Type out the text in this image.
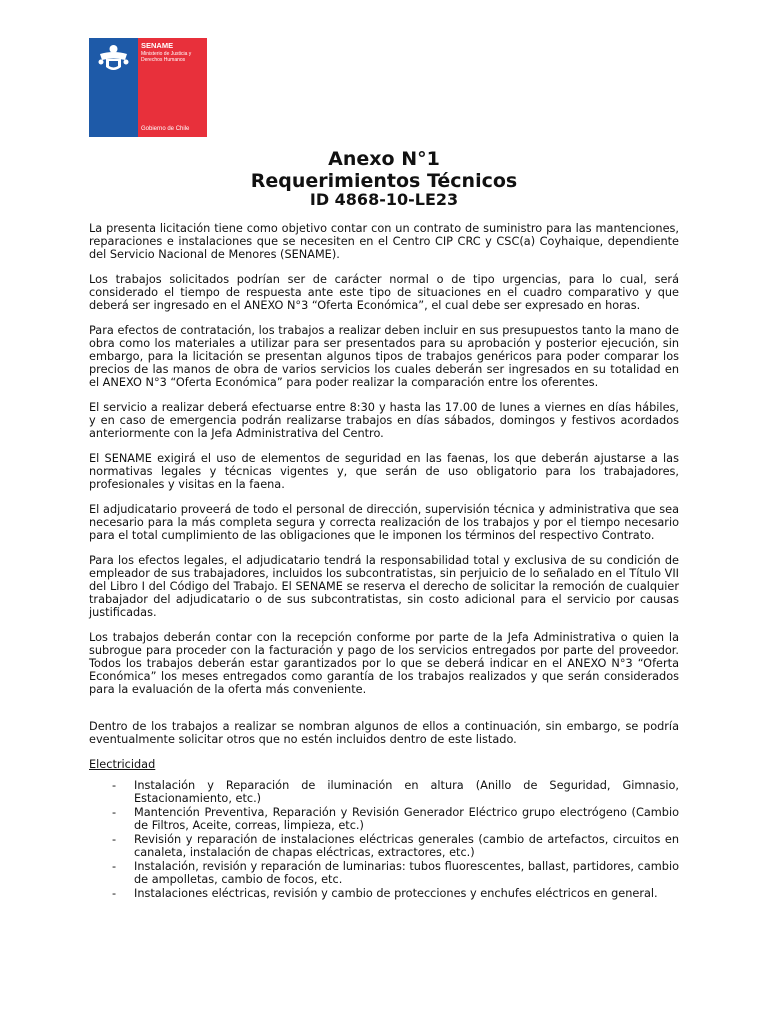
SENAME
Ministerio de Justicia y Derechos Humanos
Gobierno de Chile
Anexo N°1
Requerimientos Técnicos
ID 4868-10-LE23

La presenta licitación tiene como objetivo contar con un contrato de suministro para las mantenciones, reparaciones e instalaciones que se necesiten en el Centro CIP CRC y CSC(a) Coyhaique, dependiente del Servicio Nacional de Menores (SENAME).

Los trabajos solicitados podrían ser de carácter normal o de tipo urgencias, para lo cual, será considerado el tiempo de respuesta ante este tipo de situaciones en el cuadro comparativo y que deberá ser ingresado en el ANEXO N°3 “Oferta Económica”, el cual debe ser expresado en horas.

Para efectos de contratación, los trabajos a realizar deben incluir en sus presupuestos tanto la mano de obra como los materiales a utilizar para ser presentados para su aprobación y posterior ejecución, sin embargo, para la licitación se presentan algunos tipos de trabajos genéricos para poder comparar los precios de las manos de obra de varios servicios los cuales deberán ser ingresados en su totalidad en el ANEXO N°3 “Oferta Económica” para poder realizar la comparación entre los oferentes.

El servicio a realizar deberá efectuarse entre 8:30 y hasta las 17.00 de lunes a viernes en días hábiles, y en caso de emergencia podrán realizarse trabajos en días sábados, domingos y festivos acordados anteriormente con la Jefa Administrativa del Centro.

El SENAME exigirá el uso de elementos de seguridad en las faenas, los que deberán ajustarse a las normativas legales y técnicas vigentes y, que serán de uso obligatorio para los trabajadores, profesionales y visitas en la faena.

El adjudicatario proveerá de todo el personal de dirección, supervisión técnica y administrativa que sea necesario para la más completa segura y correcta realización de los trabajos y por el tiempo necesario para el total cumplimiento de las obligaciones que le imponen los términos del respectivo Contrato.

Para los efectos legales, el adjudicatario tendrá la responsabilidad total y exclusiva de su condición de empleador de sus trabajadores, incluidos los subcontratistas, sin perjuicio de lo señalado en el Título VII del Libro I del Código del Trabajo. El SENAME se reserva el derecho de solicitar la remoción de cualquier trabajador del adjudicatario o de sus subcontratistas, sin costo adicional para el servicio por causas justificadas.

Los trabajos deberán contar con la recepción conforme por parte de la Jefa Administrativa o quien la subrogue para proceder con la facturación y pago de los servicios entregados por parte del proveedor. Todos los trabajos deberán estar garantizados por lo que se deberá indicar en el ANEXO N°3 “Oferta Económica” los meses entregados como garantía de los trabajos realizados y que serán considerados para la evaluación de la oferta más conveniente.

Dentro de los trabajos a realizar se nombran algunos de ellos a continuación, sin embargo, se podría eventualmente solicitar otros que no estén incluidos dentro de este listado.

Electricidad
- Instalación y Reparación de iluminación en altura (Anillo de Seguridad, Gimnasio, Estacionamiento, etc.)
- Mantención Preventiva, Reparación y Revisión Generador Eléctrico grupo electrógeno (Cambio de Filtros, Aceite, correas, limpieza, etc.)
- Revisión y reparación de instalaciones eléctricas generales (cambio de artefactos, circuitos en canaleta, instalación de chapas eléctricas, extractores, etc.)
- Instalación, revisión y reparación de luminarias: tubos fluorescentes, ballast, partidores, cambio de ampolletas, cambio de focos, etc.
- Instalaciones eléctricas, revisión y cambio de protecciones y enchufes eléctricos en general.
